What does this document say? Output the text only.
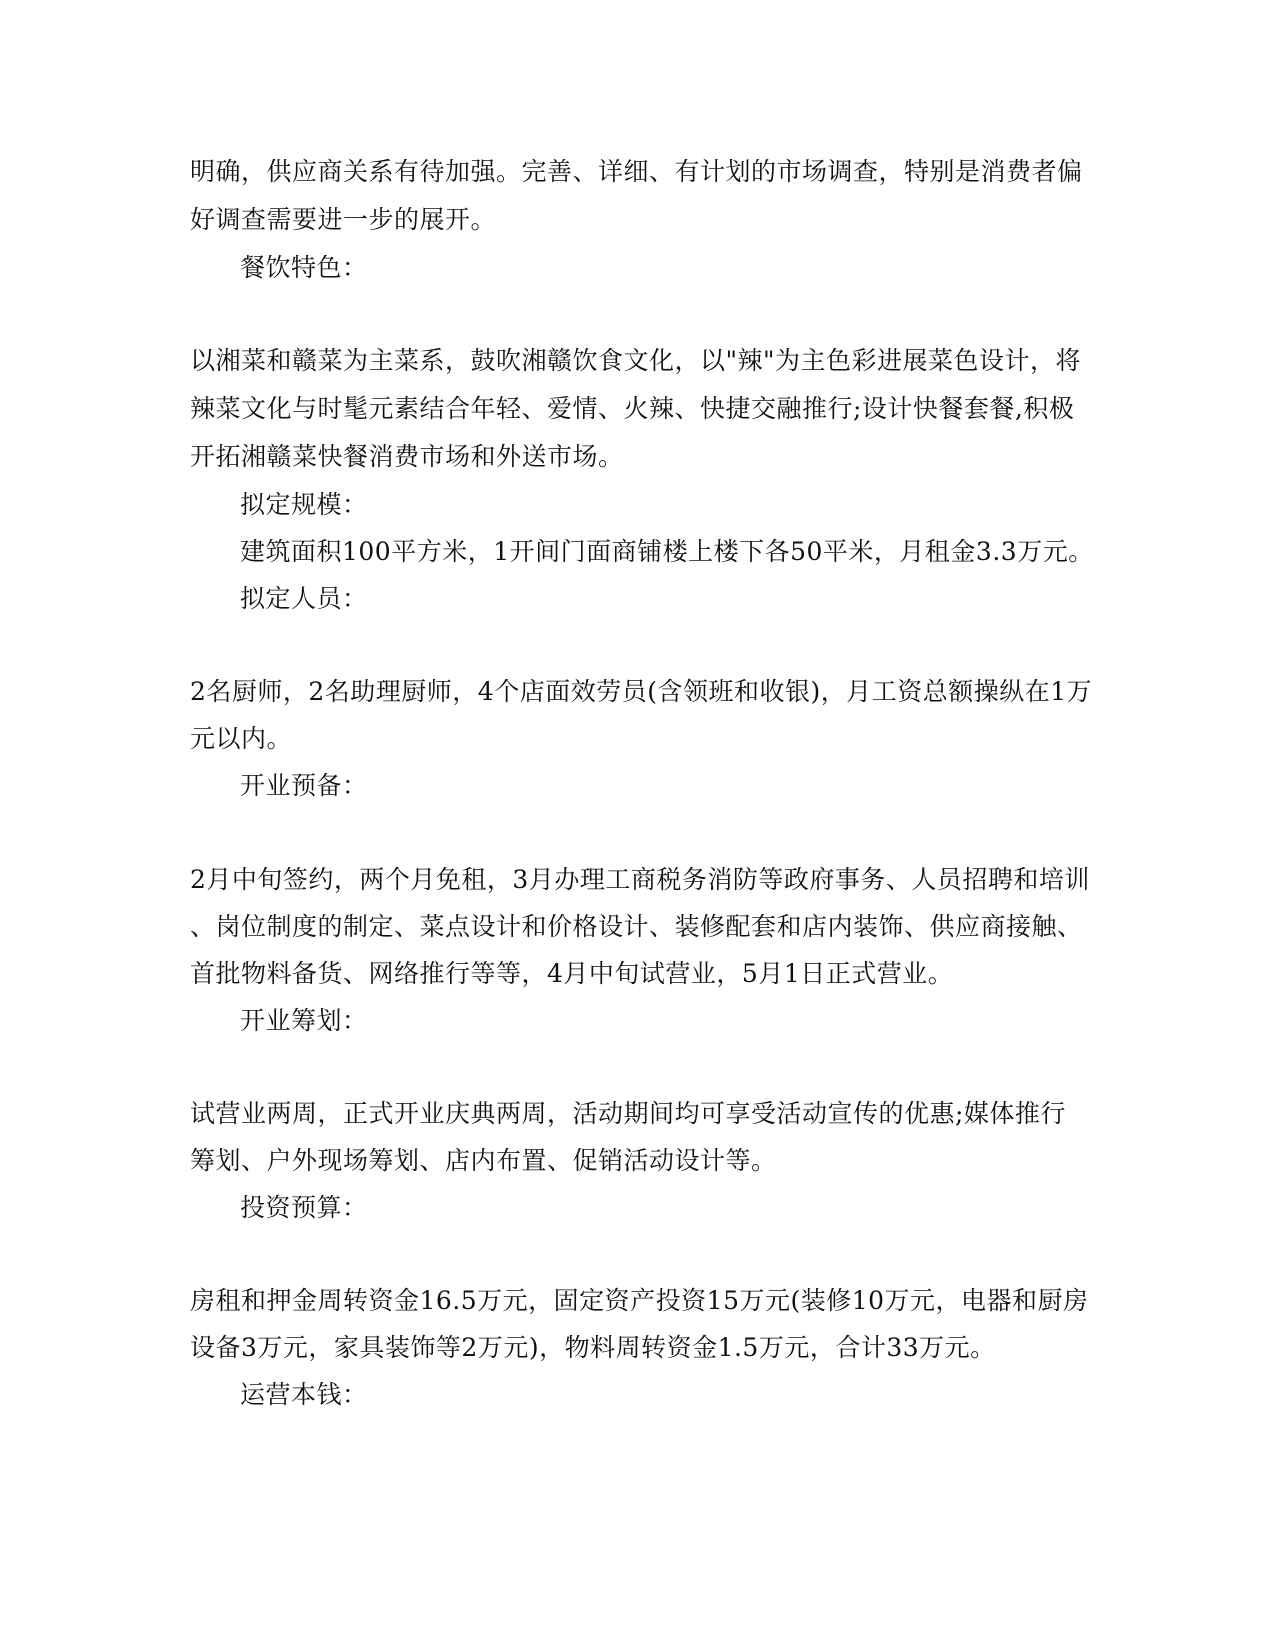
明确，供应商关系有待加强。完善、详细、有计划的市场调查，特别是消费者偏
好调查需要进一步的展开。
餐饮特色：
以湘菜和赣菜为主菜系，鼓吹湘赣饮食文化，以"辣"为主色彩进展菜色设计，将
辣菜文化与时髦元素结合年轻、爱情、火辣、快捷交融推行;设计快餐套餐,积极
开拓湘赣菜快餐消费市场和外送市场。
拟定规模：
建筑面积100平方米，1开间门面商铺楼上楼下各50平米，月租金3.3万元。
拟定人员：
2名厨师，2名助理厨师，4个店面效劳员(含领班和收银)，月工资总额操纵在1万
元以内。
开业预备：
2月中旬签约，两个月免租，3月办理工商税务消防等政府事务、人员招聘和培训
、岗位制度的制定、菜点设计和价格设计、装修配套和店内装饰、供应商接触、
首批物料备货、网络推行等等，4月中旬试营业，5月1日正式营业。
开业筹划：
试营业两周，正式开业庆典两周，活动期间均可享受活动宣传的优惠;媒体推行
筹划、户外现场筹划、店内布置、促销活动设计等。
投资预算：
房租和押金周转资金16.5万元，固定资产投资15万元(装修10万元，电器和厨房
设备3万元，家具装饰等2万元)，物料周转资金1.5万元，合计33万元。
运营本钱：
